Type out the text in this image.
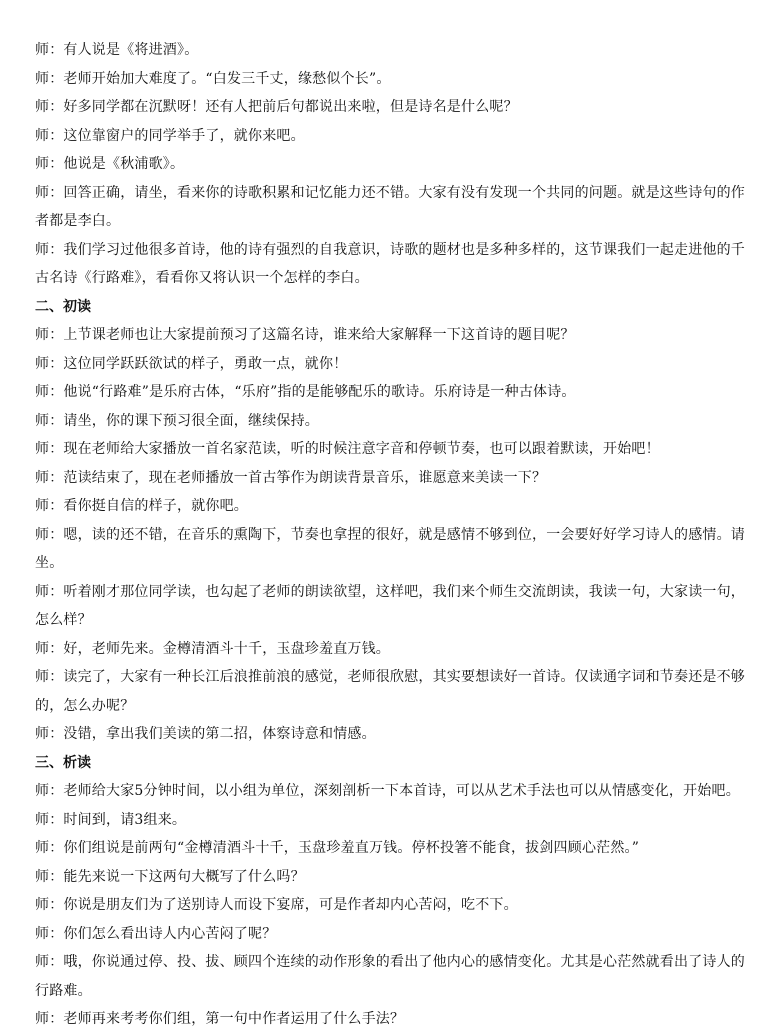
师：有人说是《将进酒》。

师：老师开始加大难度了。“白发三千丈，缘愁似个长”。

师：好多同学都在沉默呀！还有人把前后句都说出来啦，但是诗名是什么呢？

师：这位靠窗户的同学举手了，就你来吧。

师：他说是《秋浦歌》。

师：回答正确，请坐，看来你的诗歌积累和记忆能力还不错。大家有没有发现一个共同的问题。就是这些诗句的作者都是李白。

师：我们学习过他很多首诗，他的诗有强烈的自我意识，诗歌的题材也是多种多样的，这节课我们一起走进他的千古名诗《行路难》，看看你又将认识一个怎样的李白。

二、初读

师：上节课老师也让大家提前预习了这篇名诗，谁来给大家解释一下这首诗的题目呢？

师：这位同学跃跃欲试的样子，勇敢一点，就你！

师：他说“行路难”是乐府古体，“乐府”指的是能够配乐的歌诗。乐府诗是一种古体诗。

师：请坐，你的课下预习很全面，继续保持。

师：现在老师给大家播放一首名家范读，听的时候注意字音和停顿节奏，也可以跟着默读，开始吧！

师：范读结束了，现在老师播放一首古筝作为朗读背景音乐，谁愿意来美读一下？

师：看你挺自信的样子，就你吧。

师：嗯，读的还不错，在音乐的熏陶下，节奏也拿捏的很好，就是感情不够到位，一会要好好学习诗人的感情。请坐。

师：听着刚才那位同学读，也勾起了老师的朗读欲望，这样吧，我们来个师生交流朗读，我读一句，大家读一句，怎么样？

师：好，老师先来。金樽清酒斗十千，玉盘珍羞直万钱。

师：读完了，大家有一种长江后浪推前浪的感觉，老师很欣慰，其实要想读好一首诗。仅读通字词和节奏还是不够的，怎么办呢？

师：没错，拿出我们美读的第二招，体察诗意和情感。

三、析读

师：老师给大家5分钟时间，以小组为单位，深刻剖析一下本首诗，可以从艺术手法也可以从情感变化，开始吧。

师：时间到，请3组来。

师：你们组说是前两句“金樽清酒斗十千，玉盘珍羞直万钱。停杯投箸不能食，拔剑四顾心茫然。”

师：能先来说一下这两句大概写了什么吗？

师：你说是朋友们为了送别诗人而设下宴席，可是作者却内心苦闷，吃不下。

师：你们怎么看出诗人内心苦闷了呢？

师：哦，你说通过停、投、拔、顾四个连续的动作形象的看出了他内心的感情变化。尤其是心茫然就看出了诗人的行路难。

师：老师再来考考你们组，第一句中作者运用了什么手法？
